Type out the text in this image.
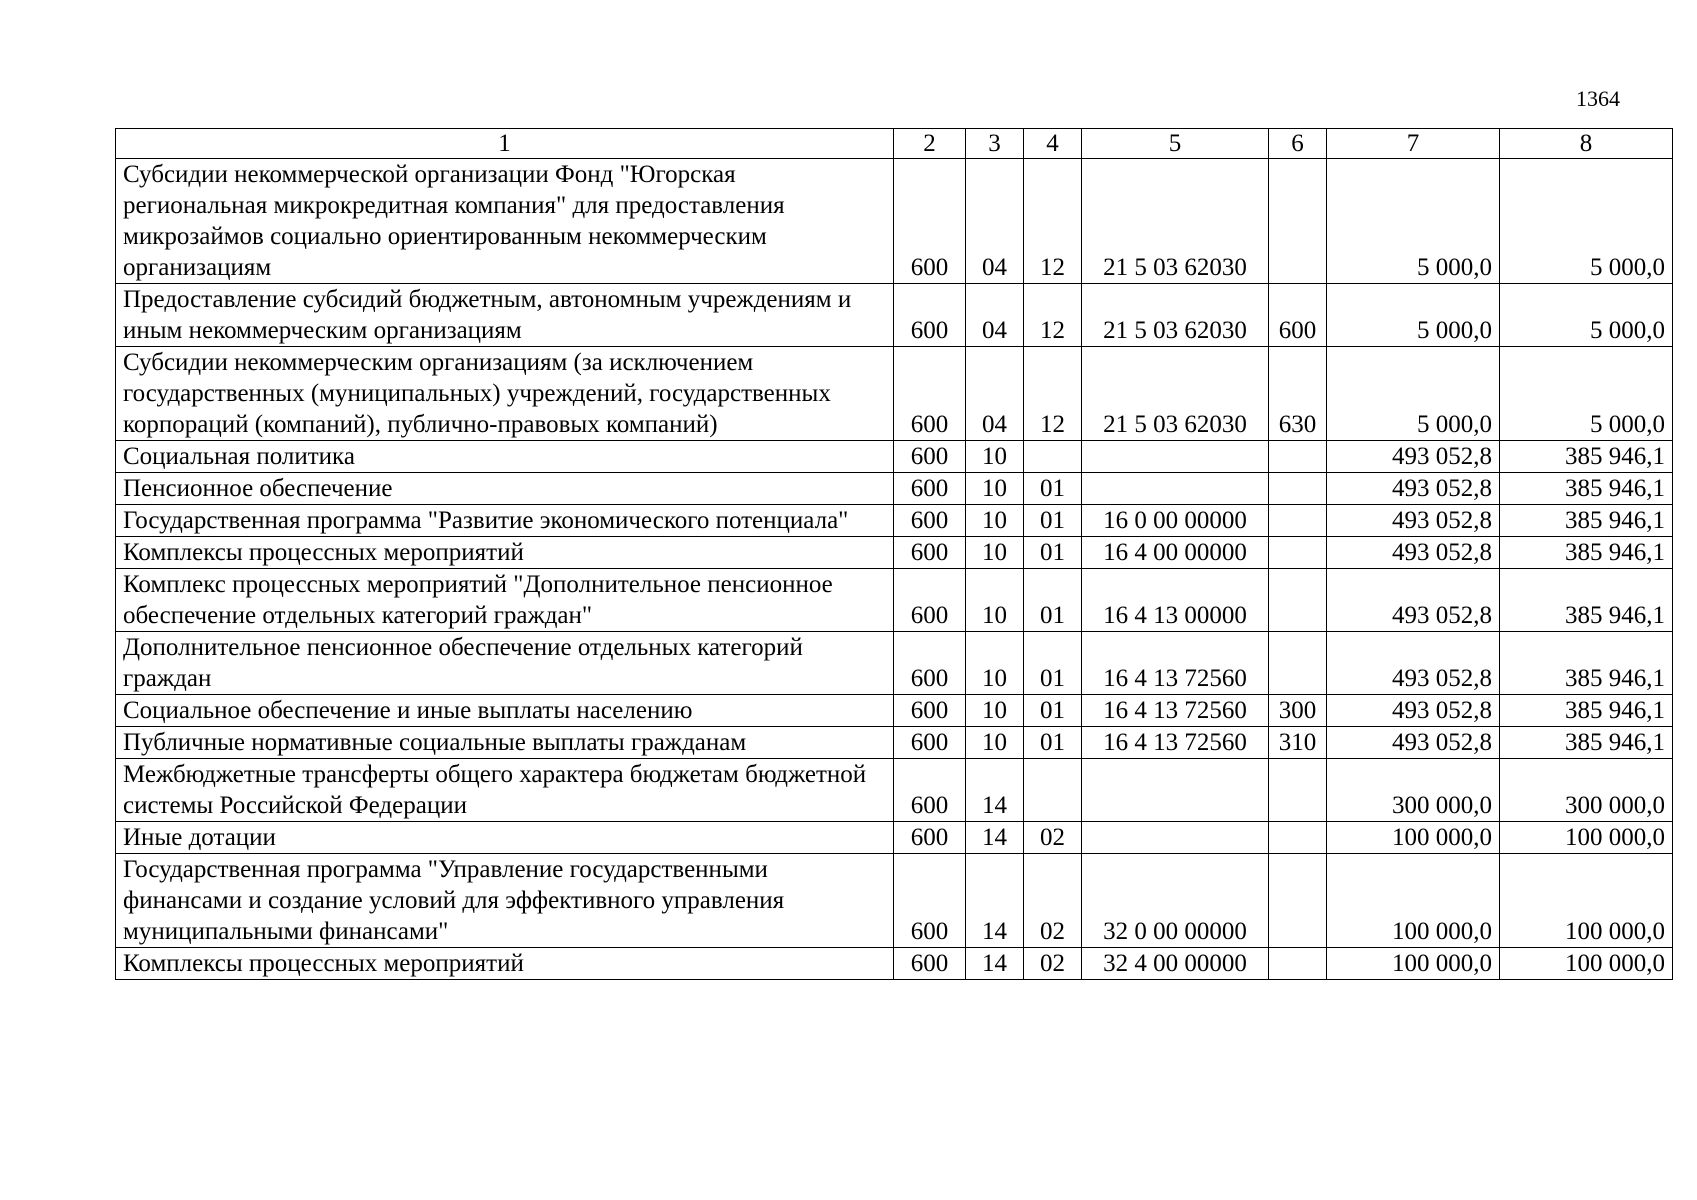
1364
1	2	3	4	5	6	7	8
Субсидии некоммерческой организации Фонд "Югорская региональная микрокредитная компания" для предоставления микрозаймов социально ориентированным некоммерческим организациям	600	04	12	21 5 03 62030		5 000,0	5 000,0
Предоставление субсидий бюджетным, автономным учреждениям и иным некоммерческим организациям	600	04	12	21 5 03 62030	600	5 000,0	5 000,0
Субсидии некоммерческим организациям (за исключением государственных (муниципальных) учреждений, государственных корпораций (компаний), публично-правовых компаний)	600	04	12	21 5 03 62030	630	5 000,0	5 000,0
Социальная политика	600	10				493 052,8	385 946,1
Пенсионное обеспечение	600	10	01			493 052,8	385 946,1
Государственная программа "Развитие экономического потенциала"	600	10	01	16 0 00 00000		493 052,8	385 946,1
Комплексы процессных мероприятий	600	10	01	16 4 00 00000		493 052,8	385 946,1
Комплекс процессных мероприятий "Дополнительное пенсионное обеспечение отдельных категорий граждан"	600	10	01	16 4 13 00000		493 052,8	385 946,1
Дополнительное пенсионное обеспечение отдельных категорий граждан	600	10	01	16 4 13 72560		493 052,8	385 946,1
Социальное обеспечение и иные выплаты населению	600	10	01	16 4 13 72560	300	493 052,8	385 946,1
Публичные нормативные социальные выплаты гражданам	600	10	01	16 4 13 72560	310	493 052,8	385 946,1
Межбюджетные трансферты общего характера бюджетам бюджетной системы Российской Федерации	600	14				300 000,0	300 000,0
Иные дотации	600	14	02			100 000,0	100 000,0
Государственная программа "Управление государственными финансами и создание условий для эффективного управления муниципальными финансами"	600	14	02	32 0 00 00000		100 000,0	100 000,0
Комплексы процессных мероприятий	600	14	02	32 4 00 00000		100 000,0	100 000,0
